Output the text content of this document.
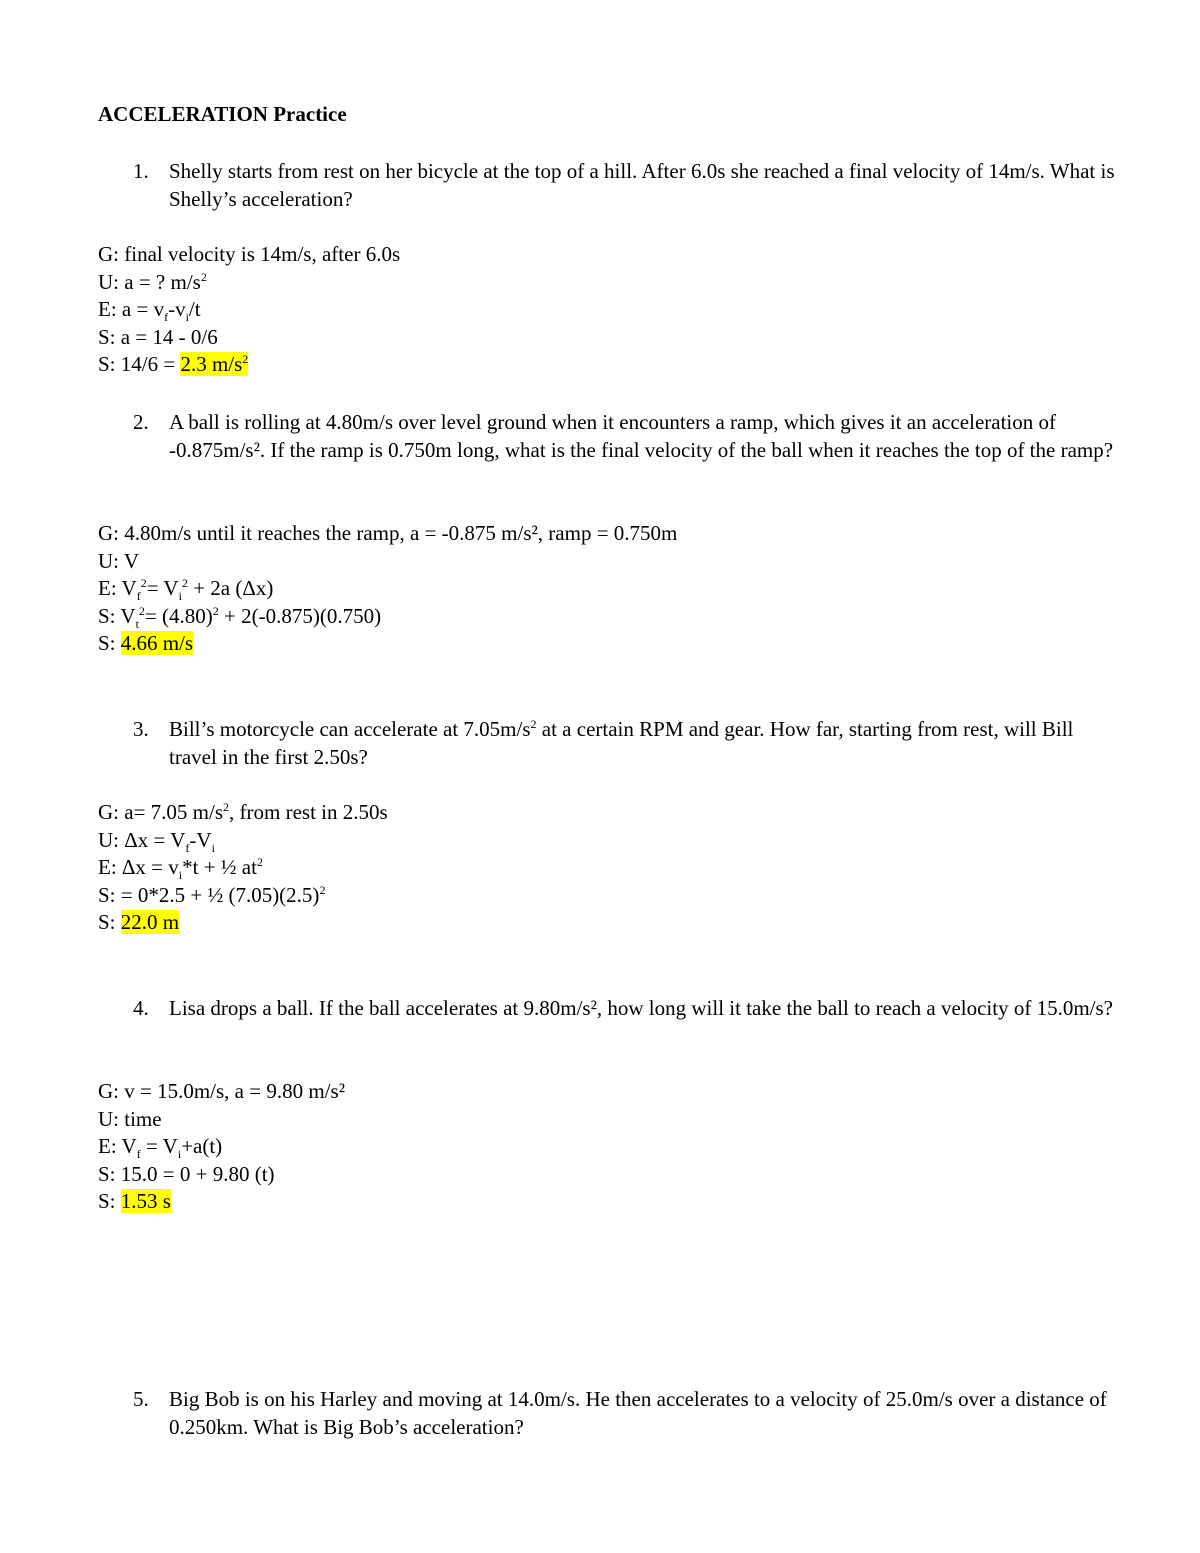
ACCELERATION Practice
1. Shelly starts from rest on her bicycle at the top of a hill. After 6.0s she reached a final velocity of 14m/s. What is Shelly’s acceleration?
G: final velocity is 14m/s, after 6.0s
U: a = ? $m/s^2$
E: $a = v_f-v_i/t$
S: a = 14 - 0/6
S: 14/6 = 2.3 $m/s^2$
2. A ball is rolling at 4.80m/s over level ground when it encounters a ramp, which gives it an acceleration of -0.875m/s². If the ramp is 0.750m long, what is the final velocity of the ball when it reaches the top of the ramp?
G: 4.80m/s until it reaches the ramp, a = -0.875 m/s², ramp = 0.750m
U: V
E: $V_f^2= V_i^2 + 2a$ (Δx)
S: $V_t^2= (4.80)^2 + 2(-0.875)(0.750)$
S: 4.66 m/s
3. Bill’s motorcycle can accelerate at $7.05m/s^2$ at a certain RPM and gear. How far, starting from rest, will Bill travel in the first 2.50s?
G: a= 7.05 $m/s^2$, from rest in 2.50s
U: $\Delta x = V_f-V_i$
E: $\Delta x = v_i*t$ + ½ $at^2$
S: = 0*2.5 + ½ $(7.05)(2.5)^2$
S: 22.0 m
4. Lisa drops a ball. If the ball accelerates at 9.80m/s², how long will it take the ball to reach a velocity of 15.0m/s?
G: v = 15.0m/s, a = 9.80 m/s²
U: time
E: $V_f = V_i+a(t)$
S: 15.0 = 0 + 9.80 (t)
S: 1.53 s
5. Big Bob is on his Harley and moving at 14.0m/s. He then accelerates to a velocity of 25.0m/s over a distance of 0.250km. What is Big Bob’s acceleration?
